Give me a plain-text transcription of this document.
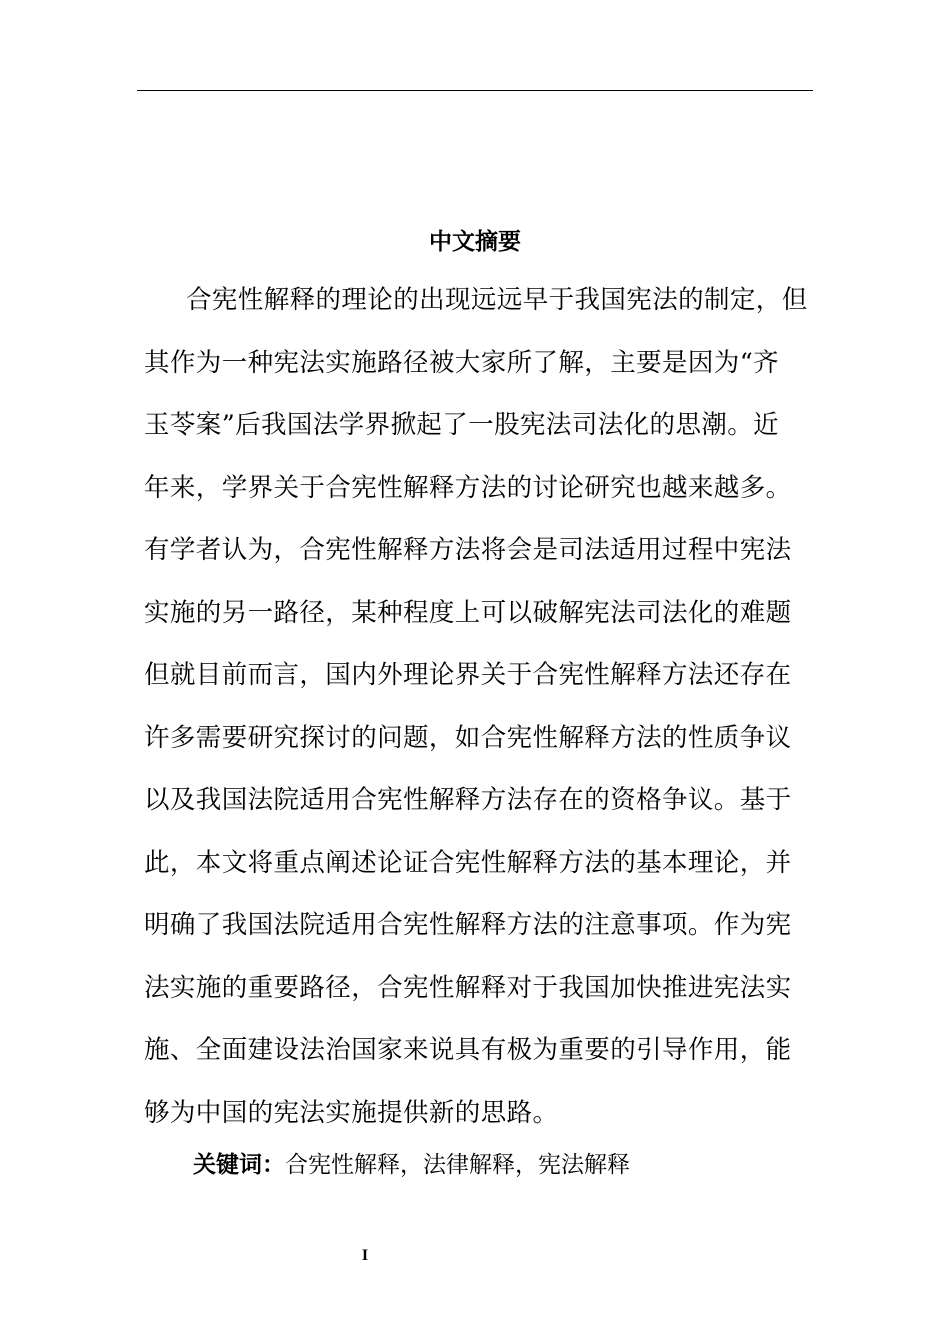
中文摘要
合宪性解释的理论的出现远远早于我国宪法的制定，但
其作为一种宪法实施路径被大家所了解，主要是因为“齐
玉苓案”后我国法学界掀起了一股宪法司法化的思潮。近
年来，学界关于合宪性解释方法的讨论研究也越来越多。
有学者认为，合宪性解释方法将会是司法适用过程中宪法
实施的另一路径，某种程度上可以破解宪法司法化的难题
但就目前而言，国内外理论界关于合宪性解释方法还存在
许多需要研究探讨的问题，如合宪性解释方法的性质争议
以及我国法院适用合宪性解释方法存在的资格争议。基于
此，本文将重点阐述论证合宪性解释方法的基本理论，并
明确了我国法院适用合宪性解释方法的注意事项。作为宪
法实施的重要路径，合宪性解释对于我国加快推进宪法实
施、全面建设法治国家来说具有极为重要的引导作用，能
够为中国的宪法实施提供新的思路。
关键词：合宪性解释，法律解释，宪法解释
I
